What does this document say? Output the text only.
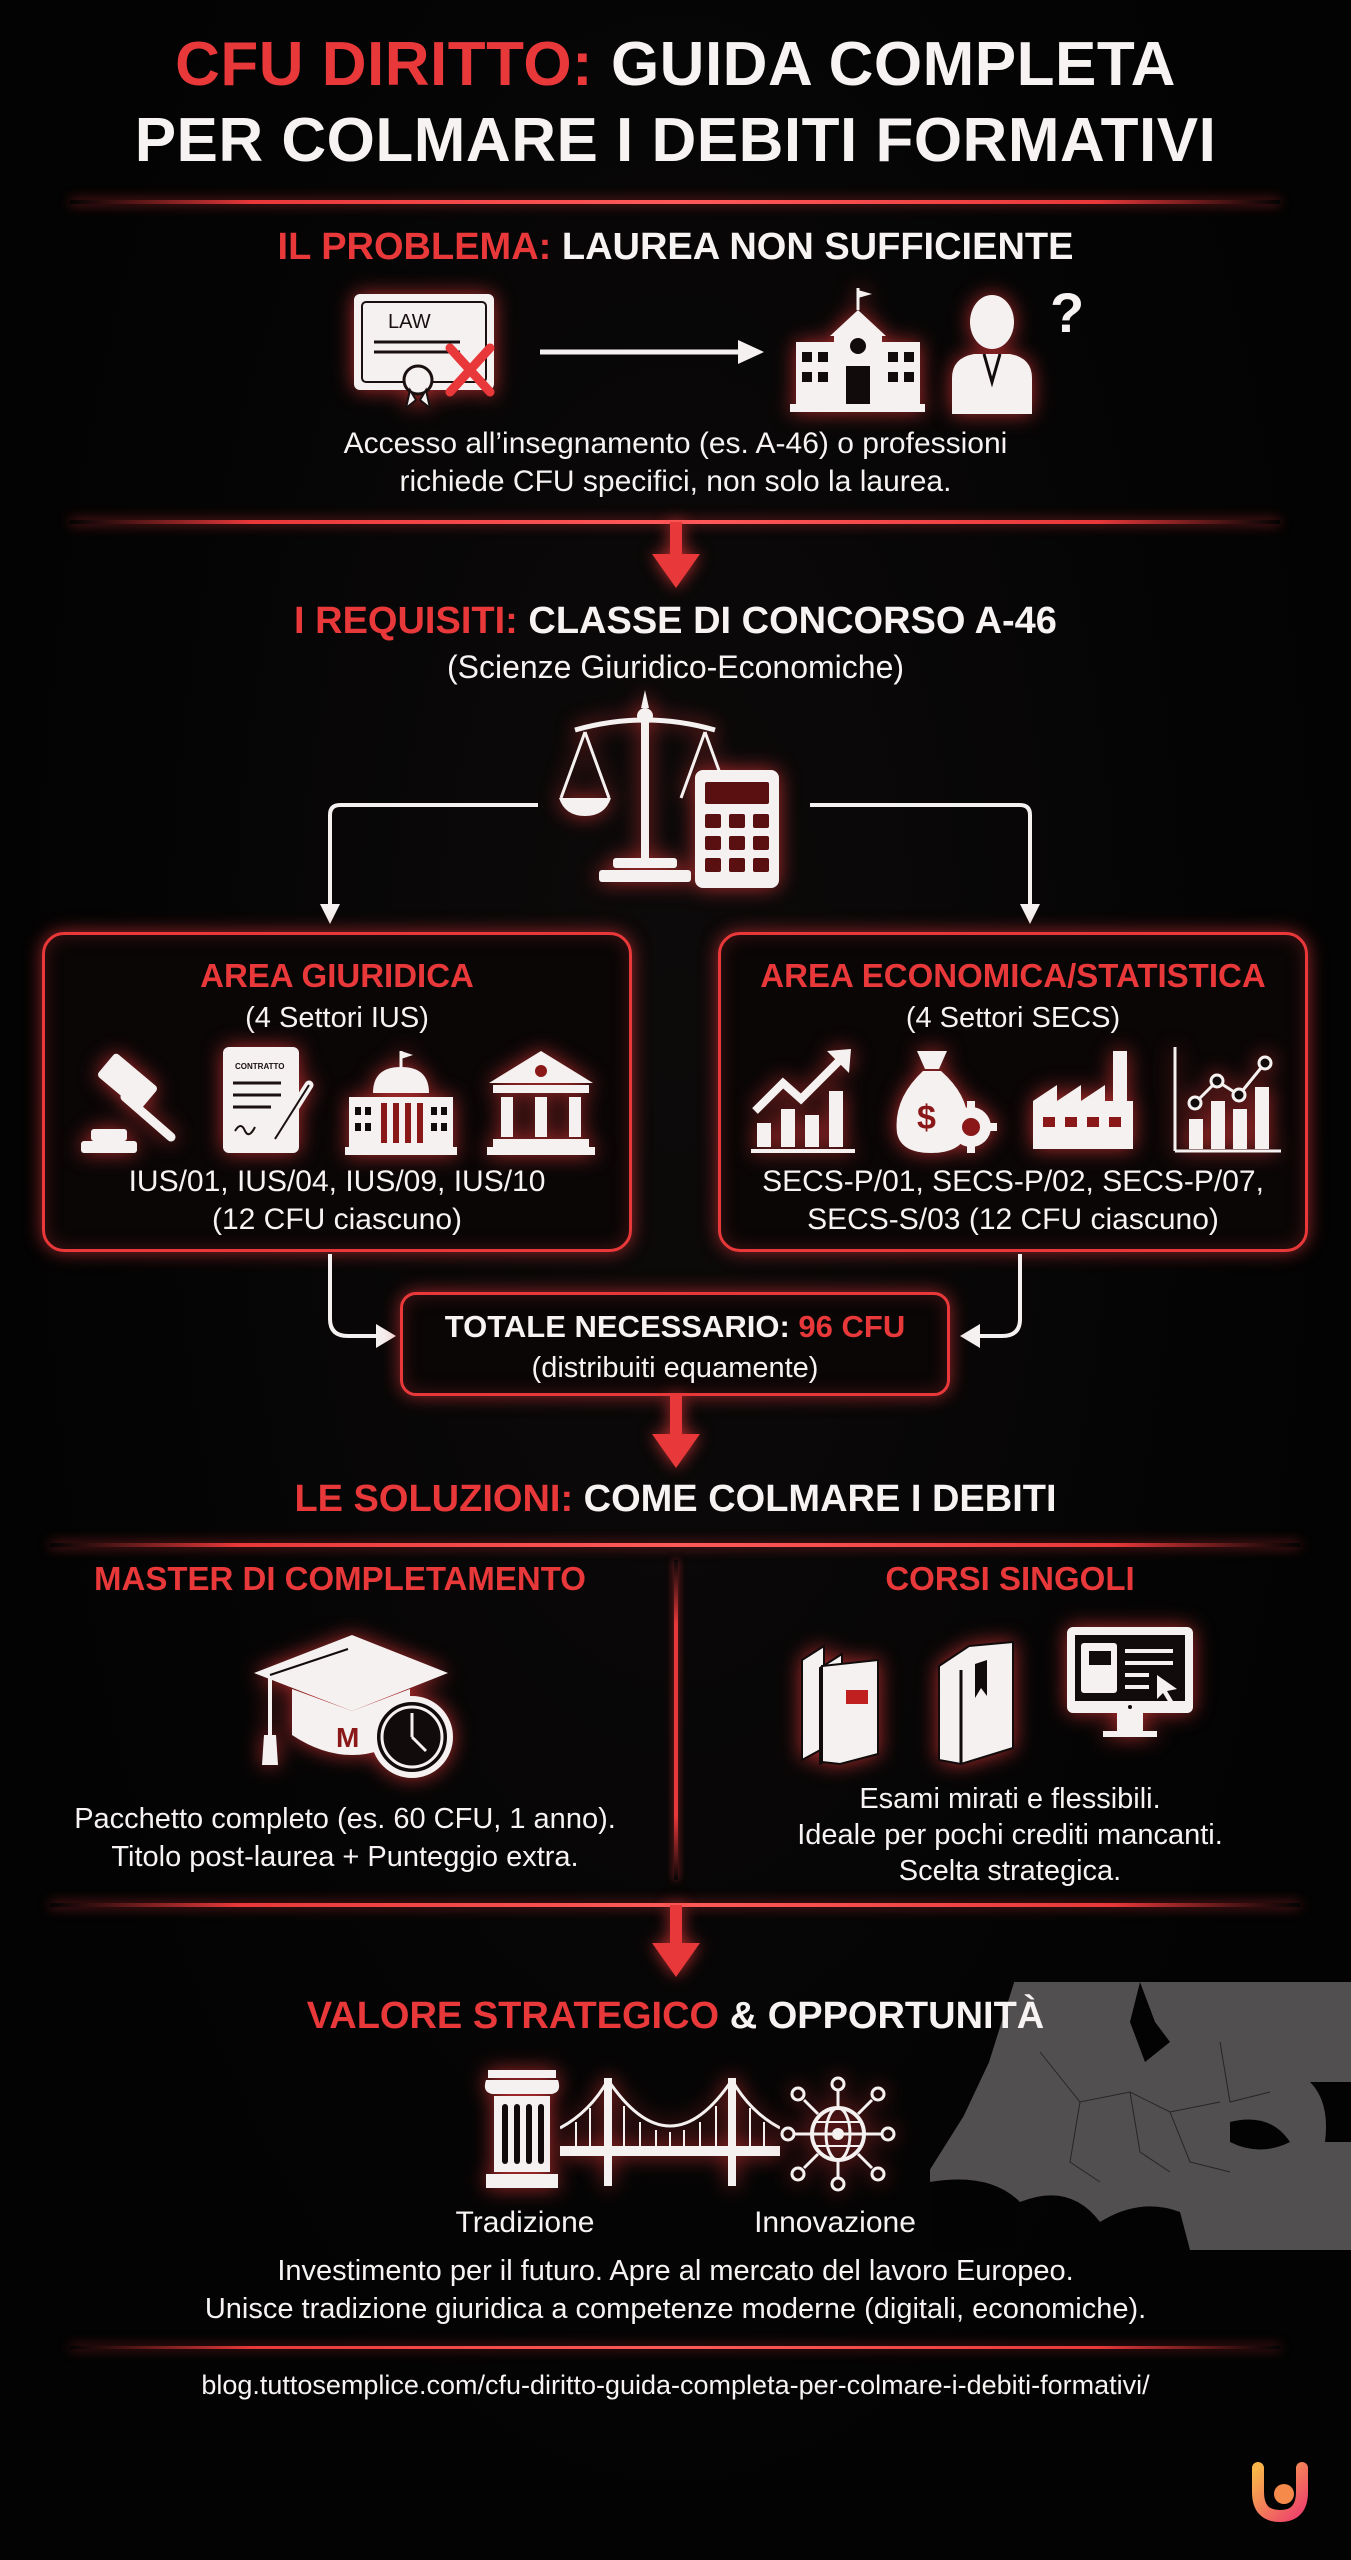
CFU DIRITTO: GUIDA COMPLETA
PER COLMARE I DEBITI FORMATIVI
IL PROBLEMA: LAUREA NON SUFFICIENTE
LAW	?
Accesso all’insegnamento (es. A-46) o professioni
richiede CFU specifici, non solo la laurea.
I REQUISITI: CLASSE DI CONCORSO A-46
(Scienze Giuridico-Economiche)
AREA GIURIDICA
(4 Settori IUS)
CONTRATTO
IUS/01, IUS/04, IUS/09, IUS/10
(12 CFU ciascuno)
AREA ECONOMICA/STATISTICA
(4 Settori SECS)
$
SECS-P/01, SECS-P/02, SECS-P/07,
SECS-S/03 (12 CFU ciascuno)
TOTALE NECESSARIO: 96 CFU
(distribuiti equamente)
LE SOLUZIONI: COME COLMARE I DEBITI
MASTER DI COMPLETAMENTO
M
Pacchetto completo (es. 60 CFU, 1 anno).
Titolo post-laurea + Punteggio extra.
CORSI SINGOLI
Esami mirati e flessibili.
Ideale per pochi crediti mancanti.
Scelta strategica.
VALORE STRATEGICO & OPPORTUNITÀ
Tradizione	Innovazione
Investimento per il futuro. Apre al mercato del lavoro Europeo.
Unisce tradizione giuridica a competenze moderne (digitali, economiche).
blog.tuttosemplice.com/cfu-diritto-guida-completa-per-colmare-i-debiti-formativi/
